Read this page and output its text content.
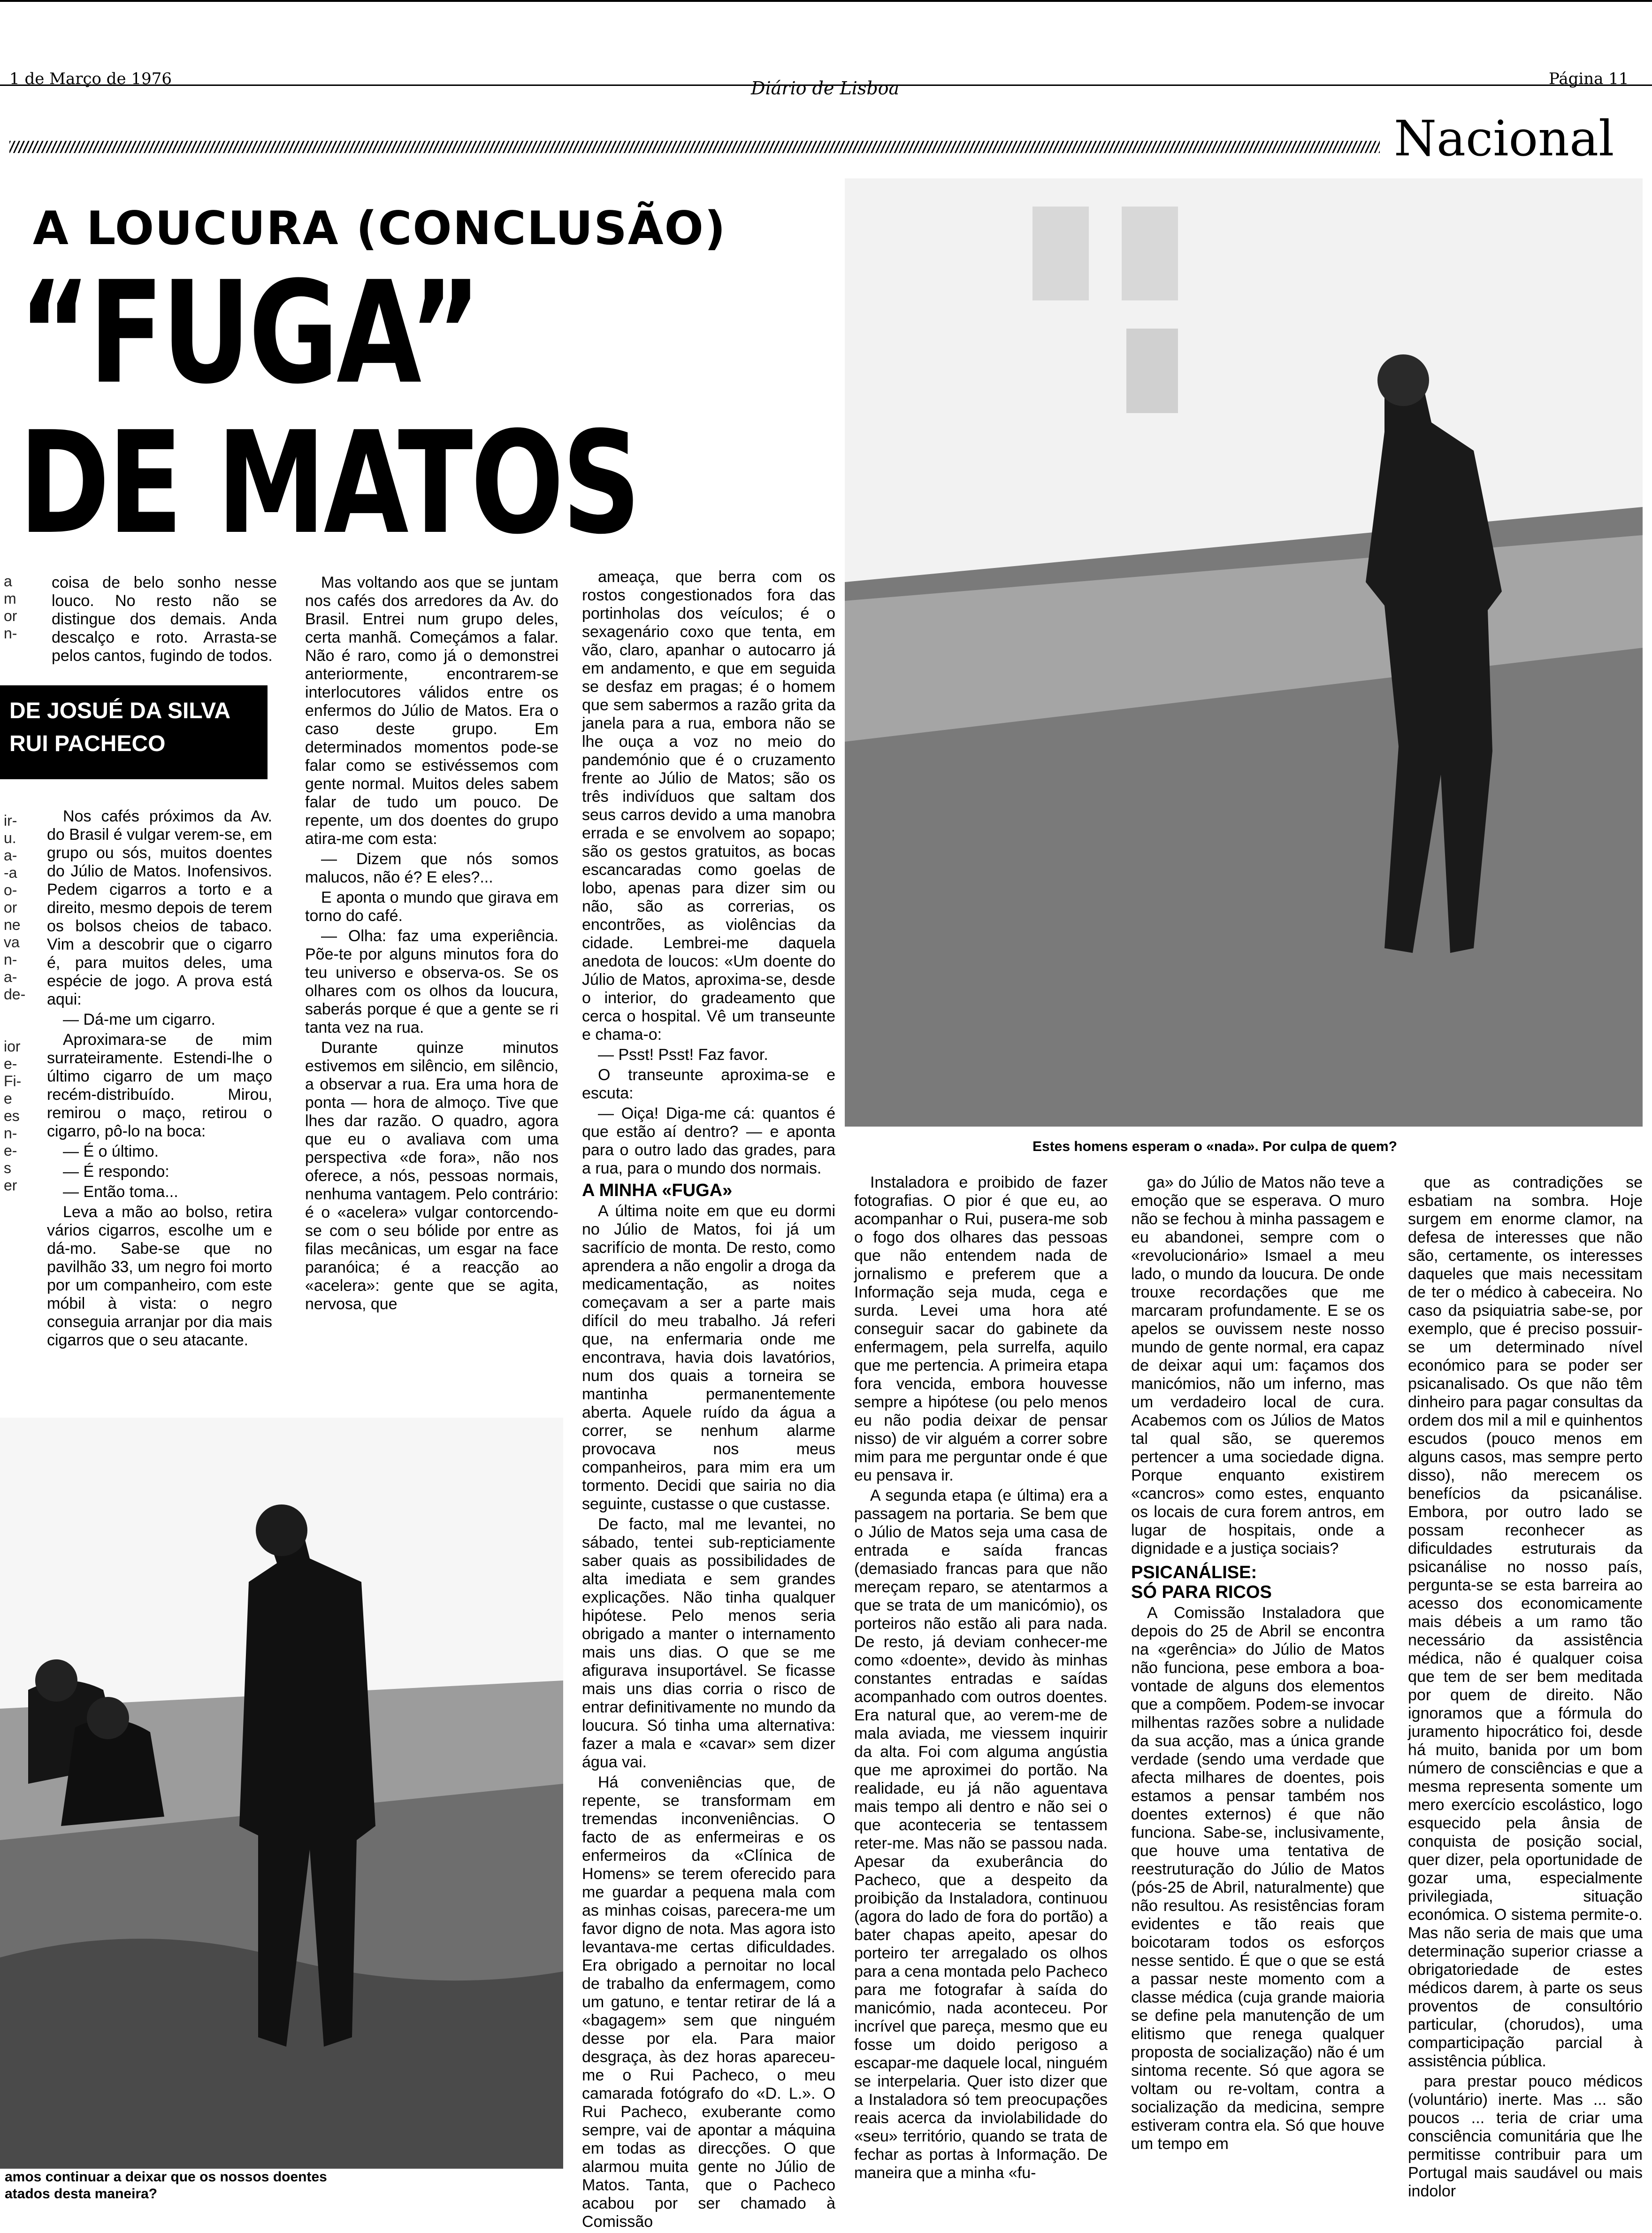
1 de Março de 1976	Diário de Lisboa	Página 11
Nacional
A LOUCURA (CONCLUSÃO)
“FUGA”
DE MATOS
a
m
or
n-
ir-
u.
a-
-a
o-
or
ne
va
n-
a-
de-

ior
e-
Fi-
e
es
n-
e-
s
er
coisa de belo sonho nesse louco. No resto não se distingue dos demais. Anda descalço e roto. Arrasta-se pelos cantos, fugindo de todos.
DE JOSUÉ DA SILVA
RUI PACHECO

Nos cafés próximos da Av. do Brasil é vulgar verem-se, em grupo ou sós, muitos doentes do Júlio de Matos. Inofensivos. Pedem cigarros a torto e a direito, mesmo depois de terem os bolsos cheios de tabaco. Vim a descobrir que o cigarro é, para muitos deles, uma espécie de jogo. A prova está aqui:

— Dá-me um cigarro.

Aproximara-se de mim surrateiramente. Estendi-lhe o último cigarro de um maço recém-distribuído. Mirou, remirou o maço, retirou o cigarro, pô-lo na boca:

— É o último.

— É respondo:

— Então toma...

Leva a mão ao bolso, retira vários cigarros, escolhe um e dá-mo. Sabe-se que no pavilhão 33, um negro foi morto por um companheiro, com este móbil à vista: o negro conseguia arranjar por dia mais cigarros que o seu atacante.

Mas voltando aos que se juntam nos cafés dos arredores da Av. do Brasil. Entrei num grupo deles, certa manhã. Começámos a falar. Não é raro, como já o demonstrei anteriormente, encontrarem-se interlocutores válidos entre os enfermos do Júlio de Matos. Era o caso deste grupo. Em determinados momentos pode-se falar como se estivéssemos com gente normal. Muitos deles sabem falar de tudo um pouco. De repente, um dos doentes do grupo atira-me com esta:

— Dizem que nós somos malucos, não é? E eles?...

E aponta o mundo que girava em torno do café.

— Olha: faz uma experiência. Põe-te por alguns minutos fora do teu universo e observa-os. Se os olhares com os olhos da loucura, saberás porque é que a gente se ri tanta vez na rua.

Durante quinze minutos estivemos em silêncio, em silêncio, a observar a rua. Era uma hora de ponta — hora de almoço. Tive que lhes dar razão. O quadro, agora que eu o avaliava com uma perspectiva «de fora», não nos oferece, a nós, pessoas normais, nenhuma vantagem. Pelo contrário: é o «acelera» vulgar contorcendo-se com o seu bólide por entre as filas mecânicas, um esgar na face paranóica; é a reacção ao «acelera»: gente que se agita, nervosa, que

ameaça, que berra com os rostos congestionados fora das portinholas dos veículos; é o sexagenário coxo que tenta, em vão, claro, apanhar o autocarro já em andamento, e que em seguida se desfaz em pragas; é o homem que sem sabermos a razão grita da janela para a rua, embora não se lhe ouça a voz no meio do pandemónio que é o cruzamento frente ao Júlio de Matos; são os três indivíduos que saltam dos seus carros devido a uma manobra errada e se envolvem ao sopapo; são os gestos gratuitos, as bocas escancaradas como goelas de lobo, apenas para dizer sim ou não, são as correrias, os encontrões, as violências da cidade. Lembrei-me daquela anedota de loucos: «Um doente do Júlio de Matos, aproxima-se, desde o interior, do gradeamento que cerca o hospital. Vê um transeunte e chama-o:

— Psst! Psst! Faz favor.

O transeunte aproxima-se e escuta:

— Oiça! Diga-me cá: quantos é que estão aí dentro? — e aponta para o outro lado das grades, para a rua, para o mundo dos normais.

A MINHA «FUGA»

A última noite em que eu dormi no Júlio de Matos, foi já um sacrifício de monta. De resto, como aprendera a não engolir a droga da medicamentação, as noites começavam a ser a parte mais difícil do meu trabalho. Já referi que, na enfermaria onde me encontrava, havia dois lavatórios, num dos quais a torneira se mantinha permanentemente aberta. Aquele ruído da água a correr, se nenhum alarme provocava nos meus companheiros, para mim era um tormento. Decidi que sairia no dia seguinte, custasse o que custasse.

De facto, mal me levantei, no sábado, tentei sub-repticiamente saber quais as possibilidades de alta imediata e sem grandes explicações. Não tinha qualquer hipótese. Pelo menos seria obrigado a manter o internamento mais uns dias. O que se me afigurava insuportável. Se ficasse mais uns dias corria o risco de entrar definitivamente no mundo da loucura. Só tinha uma alternativa: fazer a mala e «cavar» sem dizer água vai.

Há conveniências que, de repente, se transformam em tremendas inconveniências. O facto de as enfermeiras e os enfermeiros da «Clínica de Homens» se terem oferecido para me guardar a pequena mala com as minhas coisas, parecera-me um favor digno de nota. Mas agora isto levantava-me certas dificuldades. Era obrigado a pernoitar no local de trabalho da enfermagem, como um gatuno, e tentar retirar de lá a «bagagem» sem que ninguém desse por ela. Para maior desgraça, às dez horas apareceu-me o Rui Pacheco, o meu camarada fotógrafo do «D. L.». O Rui Pacheco, exuberante como sempre, vai de apontar a máquina em todas as direcções. O que alarmou muita gente no Júlio de Matos. Tanta, que o Pacheco acabou por ser chamado à Comissão

Estes homens esperam o «nada». Por culpa de quem?

Instaladora e proibido de fazer fotografias. O pior é que eu, ao acompanhar o Rui, pusera-me sob o fogo dos olhares das pessoas que não entendem nada de jornalismo e preferem que a Informação seja muda, cega e surda. Levei uma hora até conseguir sacar do gabinete da enfermagem, pela surrelfa, aquilo que me pertencia. A primeira etapa fora vencida, embora houvesse sempre a hipótese (ou pelo menos eu não podia deixar de pensar nisso) de vir alguém a correr sobre mim para me perguntar onde é que eu pensava ir.

A segunda etapa (e última) era a passagem na portaria. Se bem que o Júlio de Matos seja uma casa de entrada e saída francas (demasiado francas para que não mereçam reparo, se atentarmos a que se trata de um manicómio), os porteiros não estão ali para nada. De resto, já deviam conhecer-me como «doente», devido às minhas constantes entradas e saídas acompanhado com outros doentes. Era natural que, ao verem-me de mala aviada, me viessem inquirir da alta. Foi com alguma angústia que me aproximei do portão. Na realidade, eu já não aguentava mais tempo ali dentro e não sei o que aconteceria se tentassem reter-me. Mas não se passou nada. Apesar da exuberância do Pacheco, que a despeito da proibição da Instaladora, continuou (agora do lado de fora do portão) a bater chapas apeito, apesar do porteiro ter arregalado os olhos para a cena montada pelo Pacheco para me fotografar à saída do manicómio, nada aconteceu. Por incrível que pareça, mesmo que eu fosse um doido perigoso a escapar-me daquele local, ninguém se interpelaria. Quer isto dizer que a Instaladora só tem preocupações reais acerca da inviolabilidade do «seu» território, quando se trata de fechar as portas à Informação. De maneira que a minha «fu-

ga» do Júlio de Matos não teve a emoção que se esperava. O muro não se fechou à minha passagem e eu abandonei, sempre com o «revolucionário» Ismael a meu lado, o mundo da loucura. De onde trouxe recordações que me marcaram profundamente. E se os apelos se ouvissem neste nosso mundo de gente normal, era capaz de deixar aqui um: façamos dos manicómios, não um inferno, mas um verdadeiro local de cura. Acabemos com os Júlios de Matos tal qual são, se queremos pertencer a uma sociedade digna. Porque enquanto existirem «cancros» como estes, enquanto os locais de cura forem antros, em lugar de hospitais, onde a dignidade e a justiça sociais?

PSICANÁLISE:
SÓ PARA RICOS

A Comissão Instaladora que depois do 25 de Abril se encontra na «gerência» do Júlio de Matos não funciona, pese embora a boa-vontade de alguns dos elementos que a compõem. Podem-se invocar milhentas razões sobre a nulidade da sua acção, mas a única grande verdade (sendo uma verdade que afecta milhares de doentes, pois estamos a pensar também nos doentes externos) é que não funciona. Sabe-se, inclusivamente, que houve uma tentativa de reestruturação do Júlio de Matos (pós-25 de Abril, naturalmente) que não resultou. As resistências foram evidentes e tão reais que boicotaram todos os esforços nesse sentido. É que o que se está a passar neste momento com a classe médica (cuja grande maioria se define pela manutenção de um elitismo que renega qualquer proposta de socialização) não é um sintoma recente. Só que agora se voltam ou re-voltam, contra a socialização da medicina, sempre estiveram contra ela. Só que houve um tempo em

que as contradições se esbatiam na sombra. Hoje surgem em enorme clamor, na defesa de interesses que não são, certamente, os interesses daqueles que mais necessitam de ter o médico à cabeceira. No caso da psiquiatria sabe-se, por exemplo, que é preciso possuir-se um determinado nível económico para se poder ser psicanalisado. Os que não têm dinheiro para pagar consultas da ordem dos mil a mil e quinhentos escudos (pouco menos em alguns casos, mas sempre perto disso), não merecem os benefícios da psicanálise. Embora, por outro lado se possam reconhecer as dificuldades estruturais da psicanálise no nosso país, pergunta-se se esta barreira ao acesso dos economicamente mais débeis a um ramo tão necessário da assistência médica, não é qualquer coisa que tem de ser bem meditada por quem de direito. Não ignoramos que a fórmula do juramento hipocrático foi, desde há muito, banida por um bom número de consciências e que a mesma representa somente um mero exercício escolástico, logo esquecido pela ânsia de conquista de posição social, quer dizer, pela oportunidade de gozar uma, especialmente privilegiada, situação económica. O sistema permite-o. Mas não seria de mais que uma determinação superior criasse a obrigatoriedade de estes médicos darem, à parte os seus proventos de consultório particular, (chorudos), uma comparticipação parcial à assistência pública.

para prestar pouco médicos (voluntário) inerte. Mas ... são poucos ... teria de criar uma consciência comunitária que lhe permitisse contribuir para um Portugal mais saudável ou mais indolor

amos continuar a deixar que os nossos doentes
atados desta maneira?
